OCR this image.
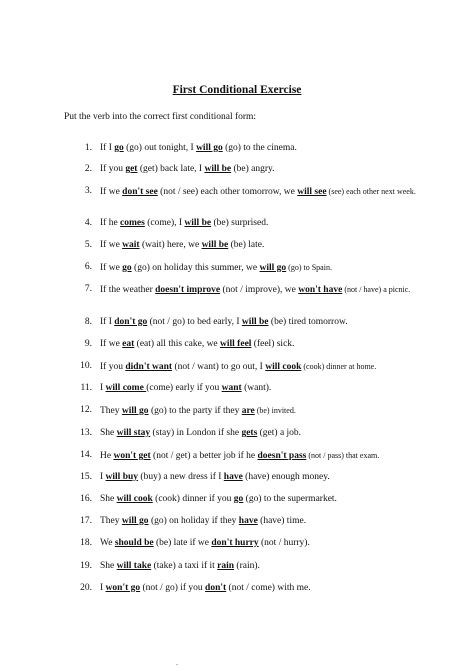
First Conditional Exercise
Put the verb into the correct first conditional form:
1. If I go (go) out tonight, I will go (go) to the cinema.
2. If you get (get) back late, I will be (be) angry.
3. If we don't see (not / see) each other tomorrow, we will see (see) each other next week.
4. If he comes (come), I will be (be) surprised.
5. If we wait (wait) here, we will be (be) late.
6. If we go (go) on holiday this summer, we will go (go) to Spain.
7. If the weather doesn't improve (not / improve), we won't have (not / have) a picnic.
8. If I don't go (not / go) to bed early, I will be (be) tired tomorrow.
9. If we eat (eat) all this cake, we will feel (feel) sick.
10. If you didn't want (not / want) to go out, I will cook (cook) dinner at home.
11. I will come (come) early if you want (want).
12. They will go (go) to the party if they are (be) invited.
13. She will stay (stay) in London if she gets (get) a job.
14. He won't get (not / get) a better job if he doesn't pass (not / pass) that exam.
15. I will buy (buy) a new dress if I have (have) enough money.
16. She will cook (cook) dinner if you go (go) to the supermarket.
17. They will go (go) on holiday if they have (have) time.
18. We should be (be) late if we don't hurry (not / hurry).
19. She will take (take) a taxi if it rain (rain).
20. I won't go (not / go) if you don't (not / come) with me.
.
